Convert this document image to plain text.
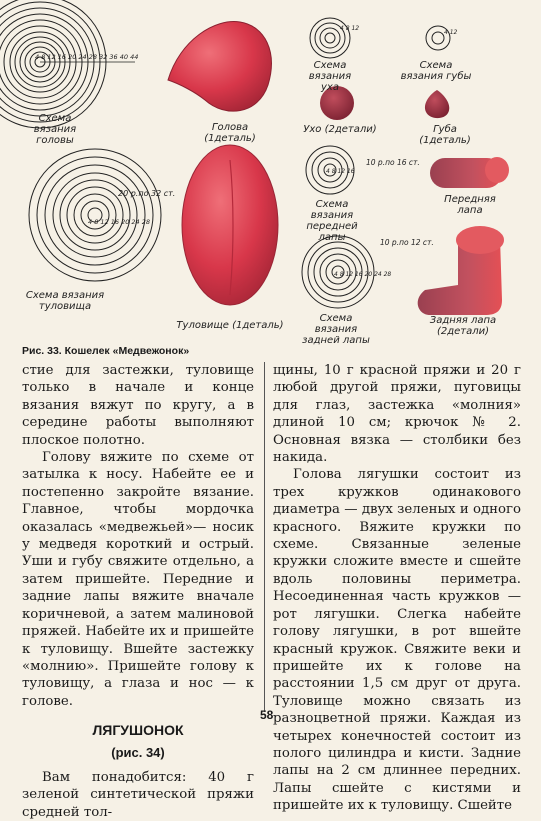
4 8 12 16 20 24 28 32 36 40 44
4 8 12
4 12
20 р.по 32 ст.
4 8 12 16 20 24 28
10 р.по 16 ст.
4 8 12 16
10 р.по 12 ст.
4 8 12 16 20 24 28
Схема вязания головы
Голова (1деталь)
Схема вязания уха
Схема вязания губы
Ухо (2детали)	Губа (1деталь)
Схема вязания туловища
Туловище (1деталь)
Схема вязания передней лапы
Передняя лапа
Схема вязания задней лапы
Задняя лапа (2детали)
Рис. 33. Кошелек «Медвежонок»

стие для застежки, туловище только в начале и конце вязания вяжут по кругу, а в середине работы выполняют плоское полотно.

Голову вяжите по схеме от затылка к носу. Набейте ее и постепенно закройте вязание. Главное, чтобы мордочка оказалась «медвежьей»— носик у медведя короткий и острый. Уши и губу свяжите отдельно, а затем пришейте. Передние и задние лапы вяжите вначале коричневой, а затем малиновой пряжей. Набейте их и пришейте к туловищу. Вшейте застежку «молнию». Пришейте голову к туловищу, а глаза и нос — к голове.

ЛЯГУШОНОК
(рис. 34)

Вам понадобится: 40 г зеленой синтетической пряжи средней тол-

щины, 10 г красной пряжи и 20 г любой другой пряжи, пуговицы для глаз, застежка «молния» длиной 10 см; крючок № 2. Основная вязка — столбики без накида.

Голова лягушки состоит из трех кружков одинакового диаметра — двух зеленых и одного красного. Вяжите кружки по схеме. Связанные зеленые кружки сложите вместе и сшейте вдоль половины периметра. Несоединенная часть кружков — рот лягушки. Слегка набейте голову лягушки, в рот вшейте красный кружок. Свяжите веки и пришейте их к голове на расстоянии 1,5 см друг от друга. Туловище можно связать из разноцветной пряжи. Каждая из четырех конечностей состоит из полого цилиндра и кисти. Задние лапы на 2 см длиннее передних. Лапы сшейте с кистями и пришейте их к туловищу. Сшейте

58
